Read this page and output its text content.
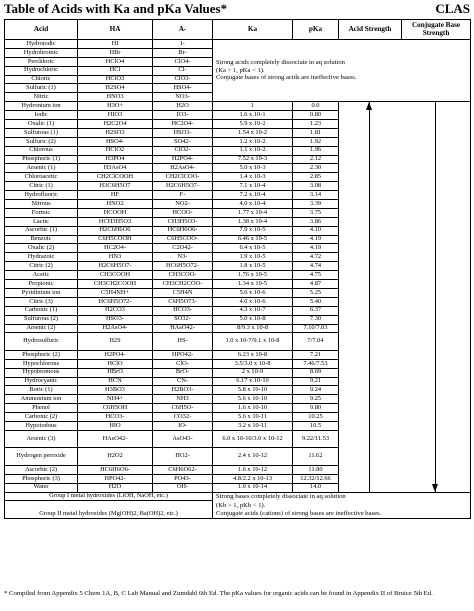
Table of Acids with Ka and pKa Values*	CLAS
Acid	HA	A-	Ka	pKa	Acid Strength	Conjugate Base Strength
Hydroiodic	HI	I-	Strong acids completely dissociate in aq solution
(Ka > 1, pKa < 1).
Conjugate bases of strong acids are ineffective bases.			

Hydrobromic	HBr	Br-				
Perchloric	HClO4	ClO4-				
Hydrochloric	HCl	Cl-				
Chloric	HClO3	ClO3-				
Sulfuric (1)	H2SO4	HSO4-				
Nitric	HNO3	NO3-				
Hydronium ion	H3O+	H2O	1	0.0		

Iodic	HIO3	IO3-	1.6 x 10-1	0.80		
Oxalic (1)	H2C2O4	HC2O4-	5.9 x 10-2	1.23		
Sulfurous (1)	H2SO3	HSO3-	1.54 x 10-2	1.81		
Sulfuric (2)	HSO4-	SO42-	1.2 x 10-2	1.92		
Chlorous	HClO2	ClO2-	1.1 x 10-2	1.96		
Phosphoric (1)	H3PO4	H2PO4-	7.52 x 10-3	2.12		
Arsenic (1)	H3AsO4	H2AsO4-	5.0 x 10-3	2.30		
Chloroacetic	CH2ClCOOH	CH2ClCOO-	1.4 x 10-3	2.85		
Citric (1)	H3C6H5O7	H2C6H5O7-	7.1 x 10-4	3.08		
Hydrofluoric	HF	F-	7.2 x 10-4	3.14		
Nitrous	HNO2	NO2-	4.0 x 10-4	3.39		
Formic	HCOOH	HCOO-	1.77 x 10-4	3.75		
Lactic	HCH3H5O3	CH3H5O3-	1.38 x 10-4	3.86		
Ascorbic (1)	H2C6H6O6	HC6H6O6-	7.9 x 10-5	4.10		
Benzoic	C6H5COOH	C6H5COO-	6.46 x 10-5	4.19		
Oxalic (2)	HC2O4-	C2O42-	6.4 x 10-5	4.19		
Hydrazoic	HN3	N3-	1.9 x 10-5	4.72		
Citric (2)	H2C6H5O7-	HC6H5O72-	1.8 x 10-5	4.74		
Acetic	CH3COOH	CH3COO-	1.76 x 10-5	4.75		
Propionic	CH3CH2COOH	CH3CH2COO-	1.34 x 10-5	4.87		
Pyridinium ion	C5H4NH+	C5H4N	5.6 x 10-6	5.25		
Citric (3)	HC6H5O72-	C6H5O73-	4.0 x 10-6	5.40		
Carbonic (1)	H2CO3	HCO3-	4.3 x 10-7	6.37		
Sulfurous (2)	HSO3-	SO32-	5.0 x 10-8	7.30		
Arsenic (2)	H2AsO4-	HAsO42-	8/9.3 x 10-8	7.10/7.03		
Hydrosulfuric	H2S	HS-	1.0 x 10-7/9.1 x 10-8	7/7.04		
Phosphoric (2)	H2PO4-	HPO42-	6.23 x 10-8	7.21		
Hypochlorous	HClO	ClO-	3.5/3.0 x 10-8	7.46/7.53		
Hypobromous	HBrO	BrO-	2 x 10-9	8.69		
Hydrocyanic	HCN	CN-	6.17 x 10-10	9.21		
Boric (1)	H3BO3	H2BO3-	5.8 x 10-10	9.24		
Ammonium ion	NH4+	NH3	5.6 x 10-10	9.25		
Phenol	C6H5OH	C6H5O-	1.6 x 10-10	9.80		
Carbonic (2)	HCO3-	CO32-	5.6 x 10-11	10.25		
Hypoiodous	HIO	IO-	3.2 x 10-11	10.5		
Arsenic (3)	HAsO42-	AsO43-	6.0 x 10-10/3.0 x 10-12	9.22/11.53		
Hydrogen peroxide	H2O2	HO2-	2.4 x 10-12	11.62		
Ascorbic (2)	HC6H6O6-	C6H6O62-	1.6 x 10-12	11.80		
Phosphoric (3)	HPO42-	PO43-	4.8/2.2 x 10-13	12.32/12.66		
Water	H2O	OH-	1.0 x 10-14	14.0		
Group I metal hydroxides (LiOH, NaOH, etc.)			Strong bases completely dissociate in aq solution			
			(Kb > 1, pKb < 1).			
Group II metal hydroxides (Mg(OH)2, Ba(OH)2, etc.)			Conjugate acids (cations) of strong bases are ineffective bases.			
* Compiled from Appendix 5 Chem 1A, B, C Lab Manual and Zumdahl 6th Ed. The pKa values for organic acids can be found in Appendix II of Bruice 5th Ed.
